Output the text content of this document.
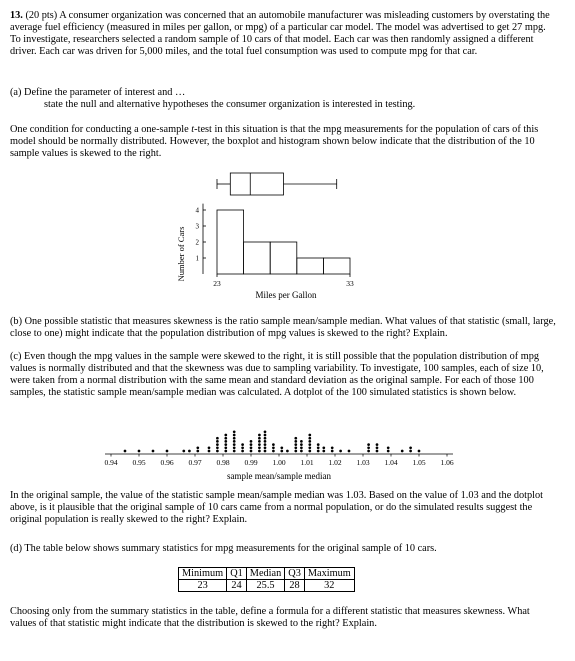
13. (20 pts) A consumer organization was concerned that an automobile manufacturer was misleading customers by overstating the average fuel efficiency (measured in miles per gallon, or mpg) of a particular car model. The model was advertised to get 27 mpg. To investigate, researchers selected a random sample of 10 cars of that model. Each car was then randomly assigned a different driver. Each car was driven for 5,000 miles, and the total fuel consumption was used to compute mpg for that car.

(a) Define the parameter of interest and …
state the null and alternative hypotheses the consumer organization is interested in testing.

One condition for conducting a one-sample t-test in this situation is that the mpg measurements for the population of cars of this model should be normally distributed. However, the boxplot and histogram shown below indicate that the distribution of the 10 sample values is skewed to the right.

1
2
3
4
23	33
Miles per Gallon
Number of Cars

(b) One possible statistic that measures skewness is the ratio sample mean/sample median. What values of that statistic (small, large, close to one) might indicate that the population distribution of mpg values is skewed to the right? Explain.

(c) Even though the mpg values in the sample were skewed to the right, it is still possible that the population distribution of mpg values is normally distributed and that the skewness was due to sampling variability. To investigate, 100 samples, each of size 10, were taken from a normal distribution with the same mean and standard deviation as the original sample. For each of those 100 samples, the statistic sample mean/sample median was calculated. A dotplot of the 100 simulated statistics is shown below.

0.94 0.95 0.96 0.97 0.98 0.99 1.00 1.01 1.02 1.03 1.04 1.05 1.06
sample mean/sample median

In the original sample, the value of the statistic sample mean/sample median was 1.03. Based on the value of 1.03 and the dotplot above, is it plausible that the original sample of 10 cars came from a normal population, or do the simulated results suggest the original population is really skewed to the right? Explain.

(d) The table below shows summary statistics for mpg measurements for the original sample of 10 cars.
Minimum	Q1	Median	Q3	Maximum
23	24	25.5	28	32

Choosing only from the summary statistics in the table, define a formula for a different statistic that measures skewness. What values of that statistic might indicate that the distribution is skewed to the right? Explain.
